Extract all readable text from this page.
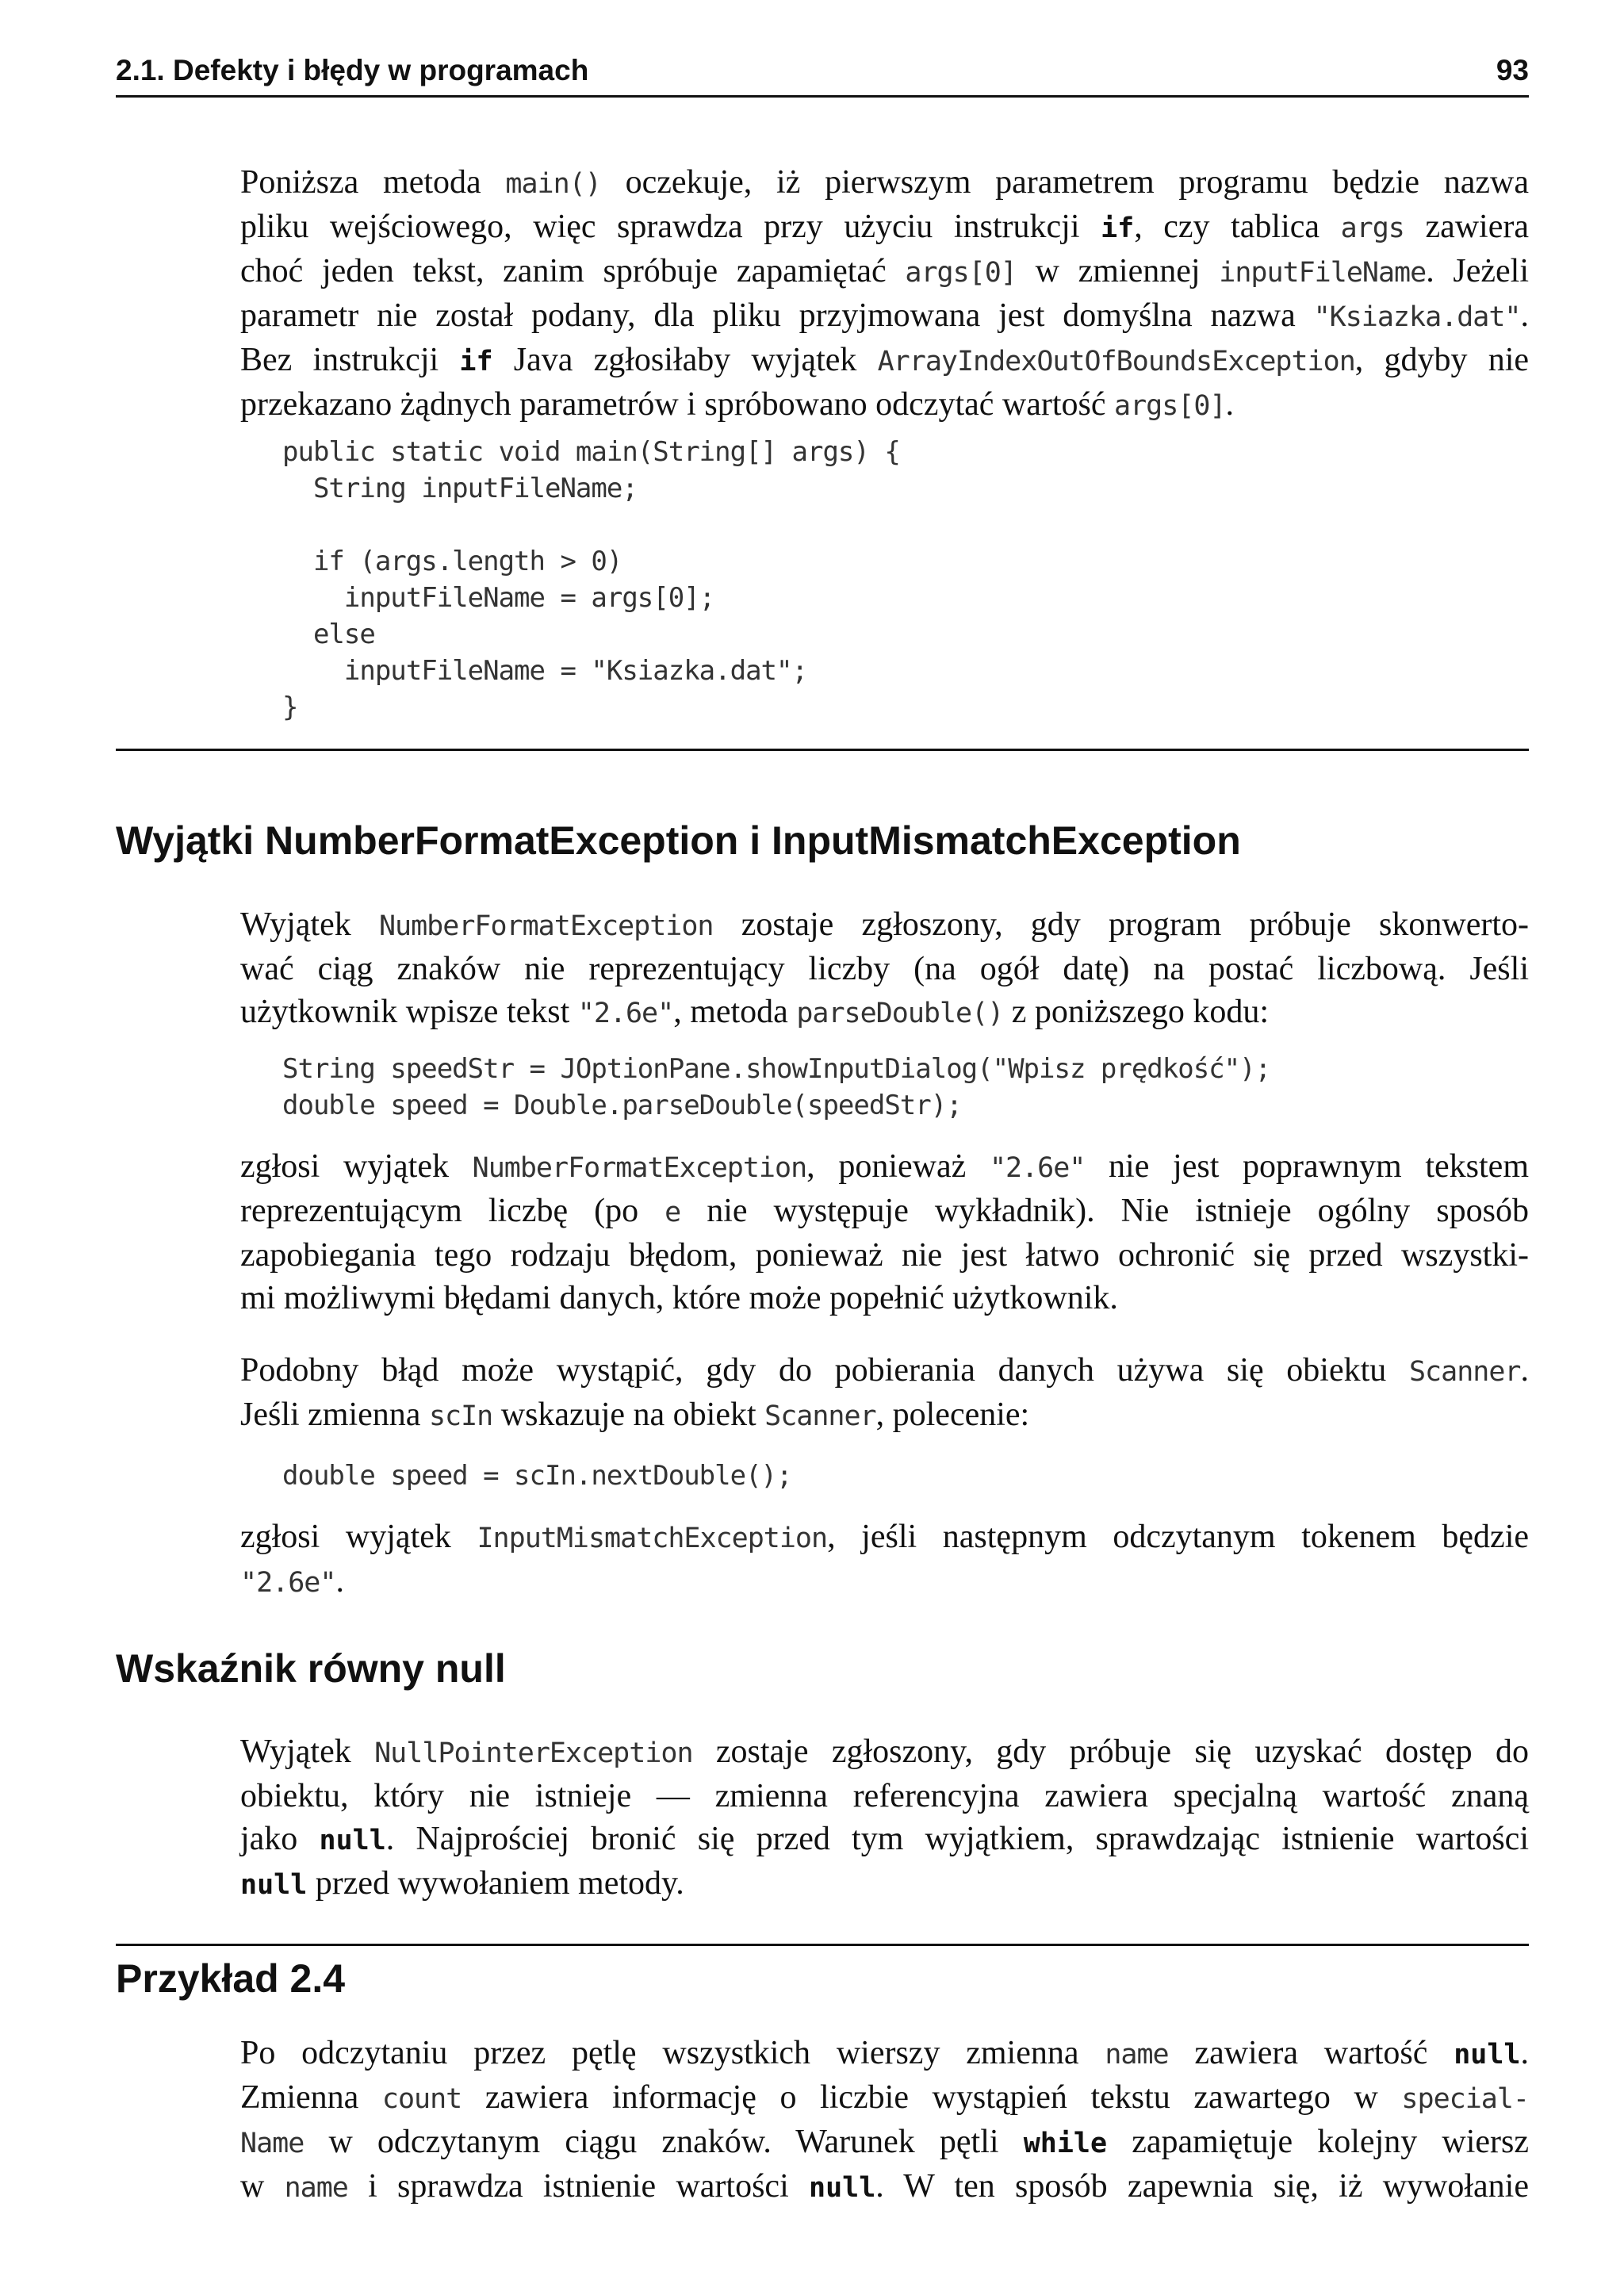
2.1. Defekty i błędy w programach	93
Poniższa metoda main() oczekuje, iż pierwszym parametrem programu będzie nazwa
pliku wejściowego, więc sprawdza przy użyciu instrukcji if, czy tablica args zawiera
choć jeden tekst, zanim spróbuje zapamiętać args[0] w zmiennej inputFileName. Jeżeli
parametr nie został podany, dla pliku przyjmowana jest domyślna nazwa "Ksiazka.dat".
Bez instrukcji if Java zgłosiłaby wyjątek ArrayIndexOutOfBoundsException, gdyby nie
przekazano żądnych parametrów i spróbowano odczytać wartość args[0].
public static void main(String[] args) {
String inputFileName;

if (args.length > 0)
inputFileName = args[0];
else
inputFileName = "Ksiazka.dat";
}
Wyjątki NumberFormatException i InputMismatchException
Wyjątek NumberFormatException zostaje zgłoszony, gdy program próbuje skonwerto-
wać ciąg znaków nie reprezentujący liczby (na ogół datę) na postać liczbową. Jeśli
użytkownik wpisze tekst "2.6e", metoda parseDouble() z poniższego kodu:
String speedStr = JOptionPane.showInputDialog("Wpisz prędkość");
double speed = Double.parseDouble(speedStr);
zgłosi wyjątek NumberFormatException, ponieważ "2.6e" nie jest poprawnym tekstem
reprezentującym liczbę (po e nie występuje wykładnik). Nie istnieje ogólny sposób
zapobiegania tego rodzaju błędom, ponieważ nie jest łatwo ochronić się przed wszystki-
mi możliwymi błędami danych, które może popełnić użytkownik.
Podobny błąd może wystąpić, gdy do pobierania danych używa się obiektu Scanner.
Jeśli zmienna scIn wskazuje na obiekt Scanner, polecenie:
double speed = scIn.nextDouble();
zgłosi wyjątek InputMismatchException, jeśli następnym odczytanym tokenem będzie
"2.6e".
Wskaźnik równy null
Wyjątek NullPointerException zostaje zgłoszony, gdy próbuje się uzyskać dostęp do
obiektu, który nie istnieje — zmienna referencyjna zawiera specjalną wartość znaną
jako null. Najprościej bronić się przed tym wyjątkiem, sprawdzając istnienie wartości
null przed wywołaniem metody.
Przykład 2.4
Po odczytaniu przez pętlę wszystkich wierszy zmienna name zawiera wartość null.
Zmienna count zawiera informację o liczbie wystąpień tekstu zawartego w special-
Name w odczytanym ciągu znaków. Warunek pętli while zapamiętuje kolejny wiersz
w name i sprawdza istnienie wartości null. W ten sposób zapewnia się, iż wywołanie
